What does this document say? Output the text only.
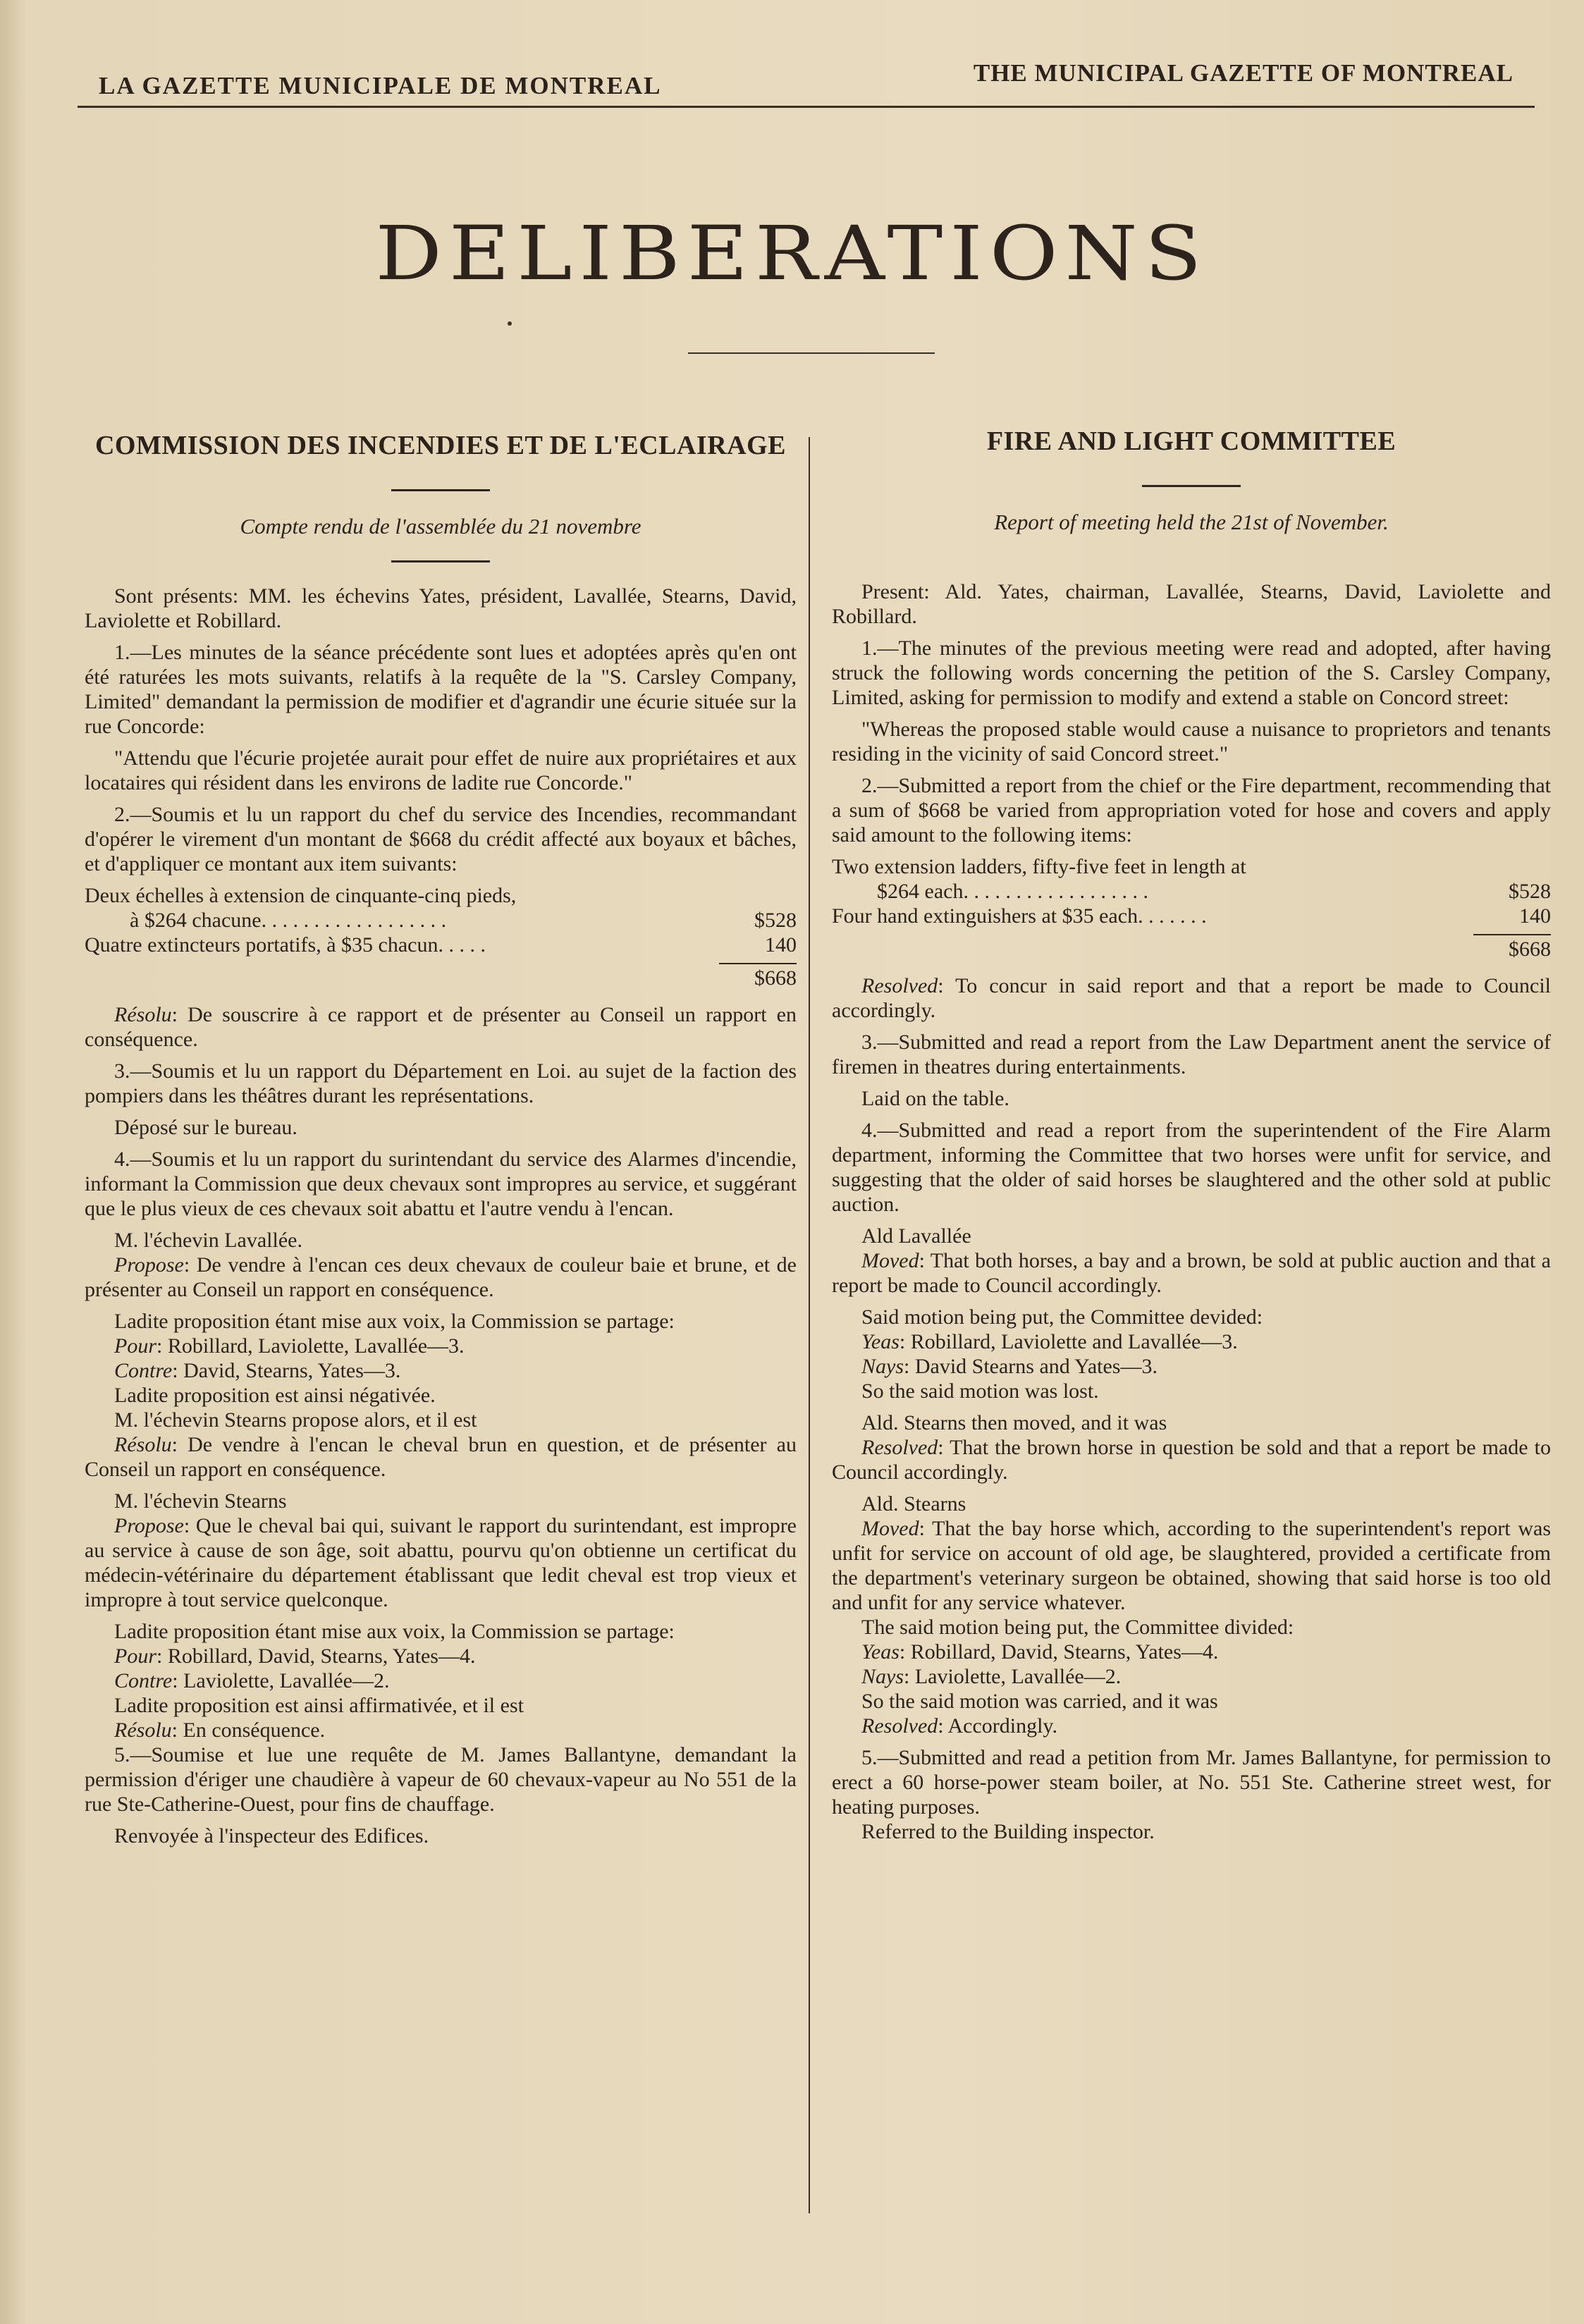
LA GAZETTE MUNICIPALE DE MONTREAL	THE MUNICIPAL GAZETTE OF MONTREAL
DELIBERATIONS
COMMISSION DES INCENDIES ET DE L'ECLAIRAGE
Compte rendu de l'assemblée du 21 novembre

Sont présents: MM. les échevins Yates, président, Lavallée, Stearns, David, Laviolette et Robillard.

1.—Les minutes de la séance précédente sont lues et adoptées après qu'en ont été raturées les mots suivants, relatifs à la requête de la "S. Carsley Company, Limited" demandant la permission de modifier et d'agrandir une écurie située sur la rue Concorde:

"Attendu que l'écurie projetée aurait pour effet de nuire aux propriétaires et aux locataires qui résident dans les environs de ladite rue Concorde."

2.—Soumis et lu un rapport du chef du service des Incendies, recommandant d'opérer le virement d'un montant de $668 du crédit affecté aux boyaux et bâches, et d'appliquer ce montant aux item suivants:

Deux échelles à extension de cinquante-cinq pieds,
à $264 chacune. . . . . . . . . . . . . . . . . .	$528
Quatre extincteurs portatifs, à $35 chacun. . . . .	140
$668

Résolu: De souscrire à ce rapport et de présenter au Conseil un rapport en conséquence.

3.—Soumis et lu un rapport du Département en Loi. au sujet de la faction des pompiers dans les théâtres durant les représentations.

Déposé sur le bureau.

4.—Soumis et lu un rapport du surintendant du service des Alarmes d'incendie, informant la Commission que deux chevaux sont impropres au service, et suggérant que le plus vieux de ces chevaux soit abattu et l'autre vendu à l'encan.

M. l'échevin Lavallée.

Propose: De vendre à l'encan ces deux chevaux de couleur baie et brune, et de présenter au Conseil un rapport en conséquence.

Ladite proposition étant mise aux voix, la Commission se partage:

Pour: Robillard, Laviolette, Lavallée—3.

Contre: David, Stearns, Yates—3.

Ladite proposition est ainsi négativée.

M. l'échevin Stearns propose alors, et il est

Résolu: De vendre à l'encan le cheval brun en question, et de présenter au Conseil un rapport en conséquence.

M. l'échevin Stearns

Propose: Que le cheval bai qui, suivant le rapport du surintendant, est impropre au service à cause de son âge, soit abattu, pourvu qu'on obtienne un certificat du médecin-vétérinaire du département établissant que ledit cheval est trop vieux et impropre à tout service quelconque.

Ladite proposition étant mise aux voix, la Commission se partage:

Pour: Robillard, David, Stearns, Yates—4.

Contre: Laviolette, Lavallée—2.

Ladite proposition est ainsi affirmativée, et il est

Résolu: En conséquence.

5.—Soumise et lue une requête de M. James Ballantyne, demandant la permission d'ériger une chaudière à vapeur de 60 chevaux-vapeur au No 551 de la rue Ste-Catherine-Ouest, pour fins de chauffage.

Renvoyée à l'inspecteur des Edifices.

FIRE AND LIGHT COMMITTEE
Report of meeting held the 21st of November.

Present: Ald. Yates, chairman, Lavallée, Stearns, David, Laviolette and Robillard.

1.—The minutes of the previous meeting were read and adopted, after having struck the following words concerning the petition of the S. Carsley Company, Limited, asking for permission to modify and extend a stable on Concord street:

"Whereas the proposed stable would cause a nuisance to proprietors and tenants residing in the vicinity of said Concord street."

2.—Submitted a report from the chief or the Fire department, recommending that a sum of $668 be varied from appropriation voted for hose and covers and apply said amount to the following items:

Two extension ladders, fifty-five feet in length at
$264 each. . . . . . . . . . . . . . . . . .	$528
Four hand extinguishers at $35 each. . . . . . .	140
$668

Resolved: To concur in said report and that a report be made to Council accordingly.

3.—Submitted and read a report from the Law Department anent the service of firemen in theatres during entertainments.

Laid on the table.

4.—Submitted and read a report from the superintendent of the Fire Alarm department, informing the Committee that two horses were unfit for service, and suggesting that the older of said horses be slaughtered and the other sold at public auction.

Ald Lavallée

Moved: That both horses, a bay and a brown, be sold at public auction and that a report be made to Council accordingly.

Said motion being put, the Committee devided:

Yeas: Robillard, Laviolette and Lavallée—3.

Nays: David Stearns and Yates—3.

So the said motion was lost.

Ald. Stearns then moved, and it was

Resolved: That the brown horse in question be sold and that a report be made to Council accordingly.

Ald. Stearns

Moved: That the bay horse which, according to the superintendent's report was unfit for service on account of old age, be slaughtered, provided a certificate from the department's veterinary surgeon be obtained, showing that said horse is too old and unfit for any service whatever.

The said motion being put, the Committee divided:

Yeas: Robillard, David, Stearns, Yates—4.

Nays: Laviolette, Lavallée—2.

So the said motion was carried, and it was

Resolved: Accordingly.

5.—Submitted and read a petition from Mr. James Ballantyne, for permission to erect a 60 horse-power steam boiler, at No. 551 Ste. Catherine street west, for heating purposes.

Referred to the Building inspector.
